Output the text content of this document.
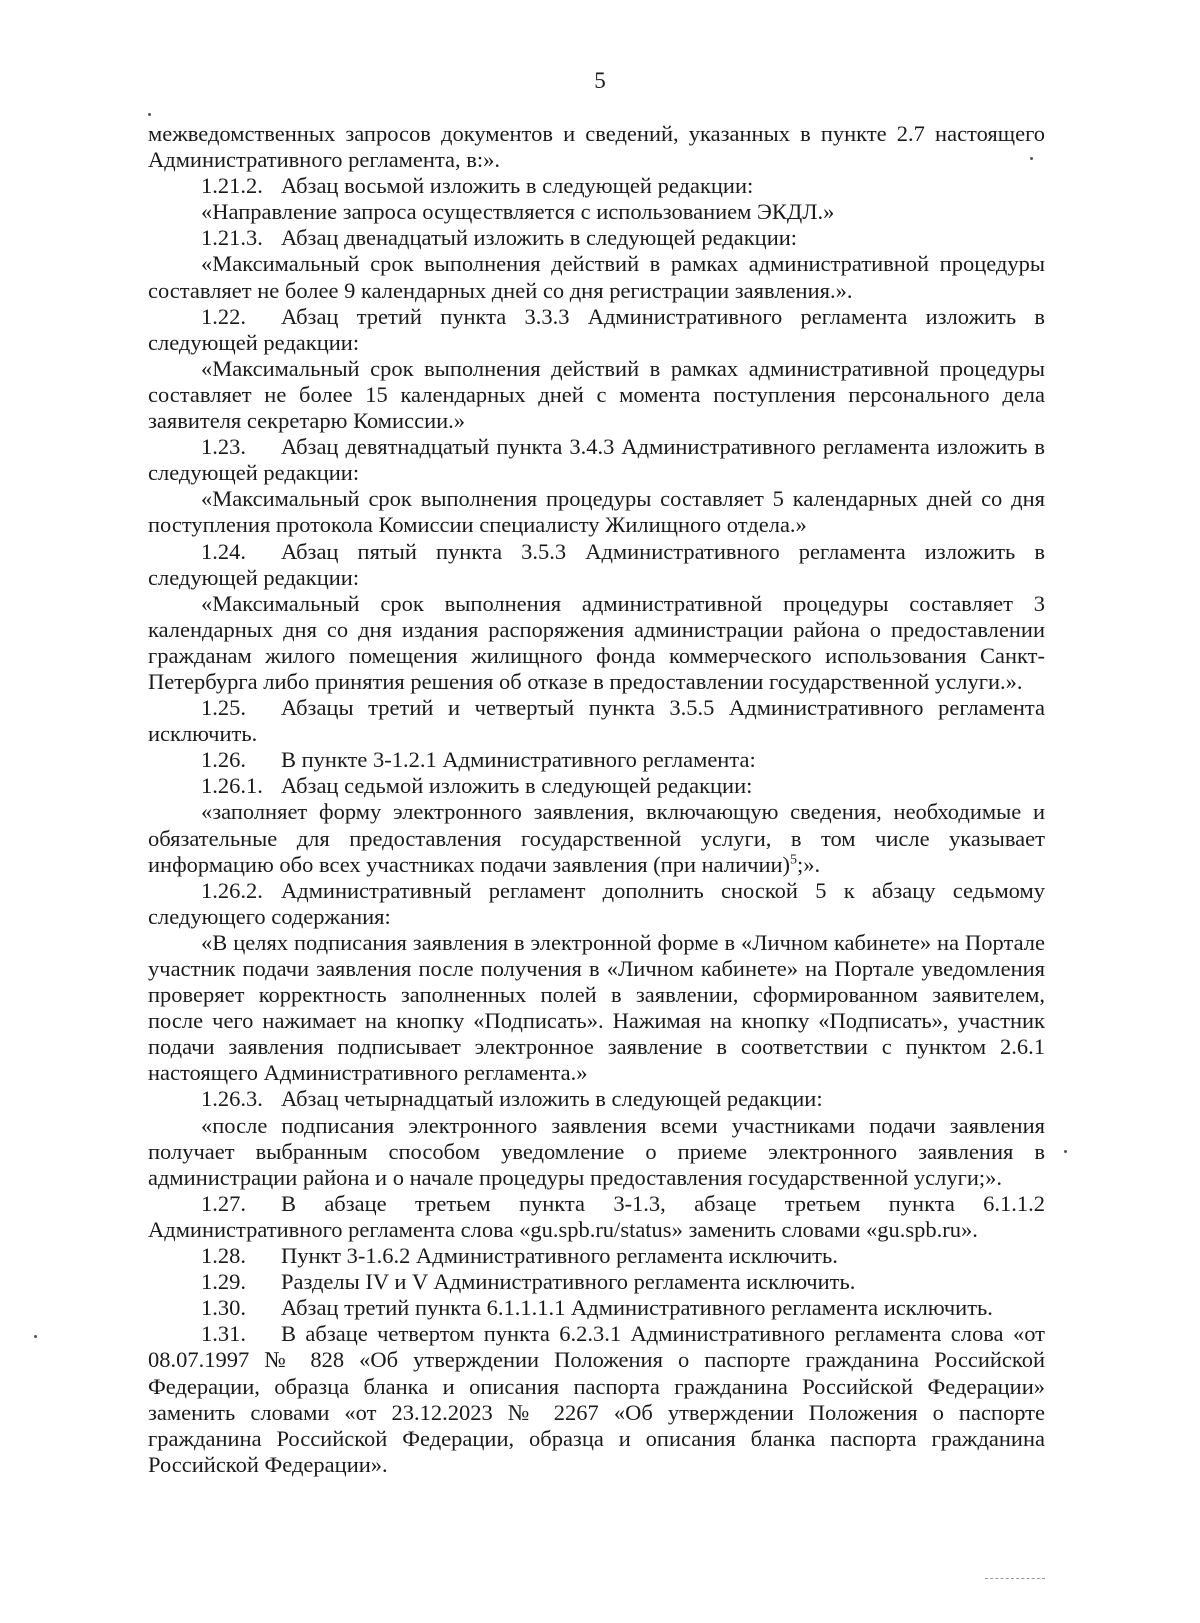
5

межведомственных запросов документов и сведений, указанных в пункте 2.7 настоящего Административного регламента, в:».

1.21.2. Абзац восьмой изложить в следующей редакции:

«Направление запроса осуществляется с использованием ЭКДЛ.»

1.21.3. Абзац двенадцатый изложить в следующей редакции:

«Максимальный срок выполнения действий в рамках административной процедуры составляет не более 9 календарных дней со дня регистрации заявления.».

1.22. Абзац третий пункта 3.3.3 Административного регламента изложить в следующей редакции:

«Максимальный срок выполнения действий в рамках административной процедуры составляет не более 15 календарных дней с момента поступления персонального дела заявителя секретарю Комиссии.»

1.23. Абзац девятнадцатый пункта 3.4.3 Административного регламента изложить в следующей редакции:

«Максимальный срок выполнения процедуры составляет 5 календарных дней со дня поступления протокола Комиссии специалисту Жилищного отдела.»

1.24. Абзац пятый пункта 3.5.3 Административного регламента изложить в следующей редакции:

«Максимальный срок выполнения административной процедуры составляет 3 календарных дня со дня издания распоряжения администрации района о предоставлении гражданам жилого помещения жилищного фонда коммерческого использования Санкт-Петербурга либо принятия решения об отказе в предоставлении государственной услуги.».

1.25. Абзацы третий и четвертый пункта 3.5.5 Административного регламента исключить.

1.26. В пункте 3-1.2.1 Административного регламента:

1.26.1. Абзац седьмой изложить в следующей редакции:

«заполняет форму электронного заявления, включающую сведения, необходимые и обязательные для предоставления государственной услуги, в том числе указывает информацию обо всех участниках подачи заявления (при наличии)$^5$;».

1.26.2. Административный регламент дополнить сноской 5 к абзацу седьмому следующего содержания:

«В целях подписания заявления в электронной форме в «Личном кабинете» на Портале участник подачи заявления после получения в «Личном кабинете» на Портале уведомления проверяет корректность заполненных полей в заявлении, сформированном заявителем, после чего нажимает на кнопку «Подписать». Нажимая на кнопку «Подписать», участник подачи заявления подписывает электронное заявление в соответствии с пунктом 2.6.1 настоящего Административного регламента.»

1.26.3. Абзац четырнадцатый изложить в следующей редакции:

«после подписания электронного заявления всеми участниками подачи заявления получает выбранным способом уведомление о приеме электронного заявления в администрации района и о начале процедуры предоставления государственной услуги;».

1.27. В абзаце третьем пункта 3-1.3, абзаце третьем пункта 6.1.1.2 Административного регламента слова «gu.spb.ru/status» заменить словами «gu.spb.ru».

1.28. Пункт 3-1.6.2 Административного регламента исключить.

1.29. Разделы IV и V Административного регламента исключить.

1.30. Абзац третий пункта 6.1.1.1.1 Административного регламента исключить.

1.31. В абзаце четвертом пункта 6.2.3.1 Административного регламента слова «от 08.07.1997 № 828 «Об утверждении Положения о паспорте гражданина Российской Федерации, образца бланка и описания паспорта гражданина Российской Федерации» заменить словами «от 23.12.2023 № 2267 «Об утверждении Положения о паспорте гражданина Российской Федерации, образца и описания бланка паспорта гражданина Российской Федерации».
